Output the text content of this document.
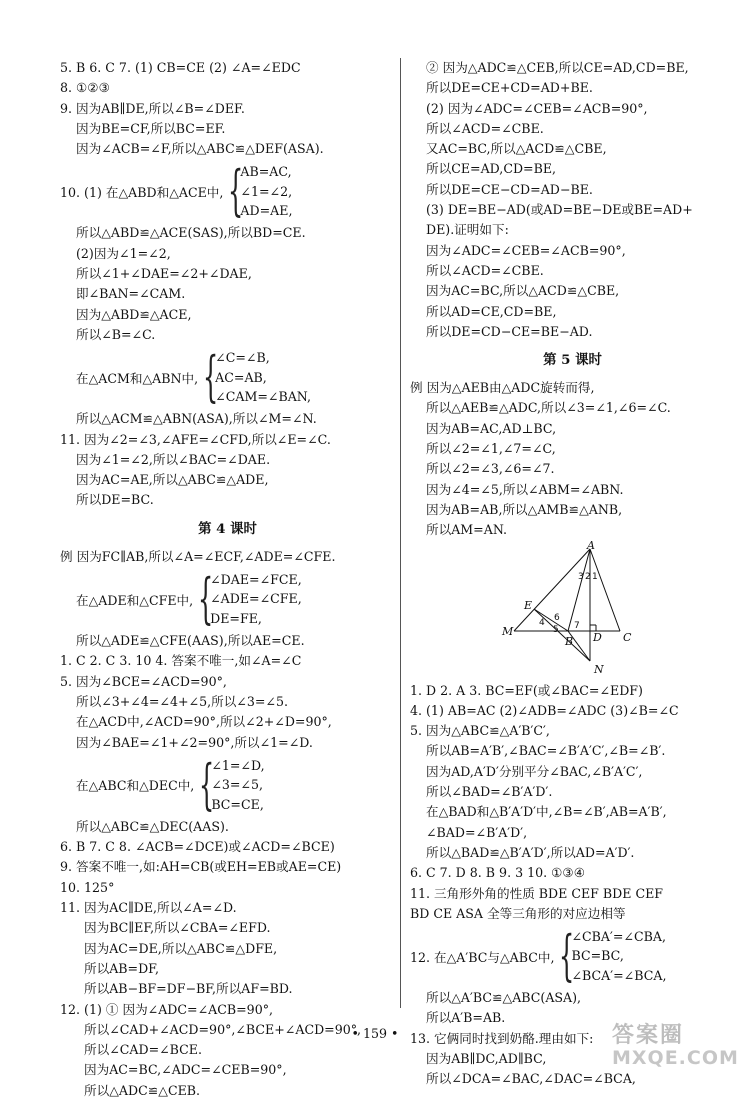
5. B 6. C 7. (1) CB=CE (2) ∠A=∠EDC
8. ①②③
9. 因为AB∥DE,所以∠B=∠DEF.
因为BE=CF,所以BC=EF.
因为∠ACB=∠F,所以△ABC≌△DEF(ASA).
10. (1) 在△ABD和△ACE中, {
AB=AC,
∠1=∠2,
AD=AE,
所以△ABD≌△ACE(SAS),所以BD=CE.
(2)因为∠1=∠2,
所以∠1+∠DAE=∠2+∠DAE,
即∠BAN=∠CAM.
因为△ABD≌△ACE,
所以∠B=∠C.
在△ACM和△ABN中, {
∠C=∠B,
AC=AB,
∠CAM=∠BAN,
所以△ACM≌△ABN(ASA),所以∠M=∠N.
11. 因为∠2=∠3,∠AFE=∠CFD,所以∠E=∠C.
因为∠1=∠2,所以∠BAC=∠DAE.
因为AC=AE,所以△ABC≌△ADE,
所以DE=BC.
第 4 课时
例 因为FC∥AB,所以∠A=∠ECF,∠ADE=∠CFE.
在△ADE和△CFE中, {
∠DAE=∠FCE,
∠ADE=∠CFE,
DE=FE,
所以△ADE≌△CFE(AAS),所以AE=CE.
1. C 2. C 3. 10 4. 答案不唯一,如∠A=∠C
5. 因为∠BCE=∠ACD=90°,
所以∠3+∠4=∠4+∠5,所以∠3=∠5.
在△ACD中,∠ACD=90°,所以∠2+∠D=90°,
因为∠BAE=∠1+∠2=90°,所以∠1=∠D.
在△ABC和△DEC中, {
∠1=∠D,
∠3=∠5,
BC=CE,
所以△ABC≌△DEC(AAS).
6. B 7. C 8. ∠ACB=∠DCE)或∠ACD=∠BCE)
9. 答案不唯一,如:AH=CB(或EH=EB或AE=CE)
10. 125°
11. 因为AC∥DE,所以∠A=∠D.
因为BC∥EF,所以∠CBA=∠EFD.
因为AC=DE,所以△ABC≌△DFE,
所以AB=DF,
所以AB−BF=DF−BF,所以AF=BD.
12. (1) ① 因为∠ADC=∠ACB=90°,
所以∠CAD+∠ACD=90°,∠BCE+∠ACD=90°,
所以∠CAD=∠BCE.
因为AC=BC,∠ADC=∠CEB=90°,
所以△ADC≌△CEB.
② 因为△ADC≌△CEB,所以CE=AD,CD=BE,
所以DE=CE+CD=AD+BE.
(2) 因为∠ADC=∠CEB=∠ACB=90°,
所以∠ACD=∠CBE.
又AC=BC,所以△ACD≌△CBE,
所以CE=AD,CD=BE,
所以DE=CE−CD=AD−BE.
(3) DE=BE−AD(或AD=BE−DE或BE=AD+
DE).证明如下:
因为∠ADC=∠CEB=∠ACB=90°,
所以∠ACD=∠CBE.
因为AC=BC,所以△ACD≌△CBE,
所以AD=CE,CD=BE,
所以DE=CD−CE=BE−AD.
第 5 课时
例 因为△AEB由△ADC旋转而得,
所以△AEB≌△ADC,所以∠3=∠1,∠6=∠C.
因为AB=AC,AD⊥BC,
所以∠2=∠1,∠7=∠C,
所以∠2=∠3,∠6=∠7.
因为∠4=∠5,所以∠ABM=∠ABN.
因为AB=AB,所以△AMB≌△ANB,
所以AM=AN.
A
E
M
B D C
N
1
2
3
4
5
6
7
1. D 2. A 3. BC=EF(或∠BAC=∠EDF)
4. (1) AB=AC (2)∠ADB=∠ADC (3)∠B=∠C
5. 因为△ABC≌△A′B′C′,
所以AB=A′B′,∠BAC=∠B′A′C′,∠B=∠B′.
因为AD,A′D′分别平分∠BAC,∠B′A′C′,
所以∠BAD=∠B′A′D′.
在△BAD和△B′A′D′中,∠B=∠B′,AB=A′B′,
∠BAD=∠B′A′D′,
所以△BAD≌△B′A′D′,所以AD=A′D′.
6. C 7. D 8. B 9. 3 10. ①③④
11. 三角形外角的性质 BDE CEF BDE CEF
BD CE ASA 全等三角形的对应边相等
12. 在△A′BC与△ABC中, {
∠CBA′=∠CBA,
BC=BC,
∠BCA′=∠BCA,
所以△A′BC≌△ABC(ASA),
所以A′B=AB.
13. 它俩同时找到奶酪.理由如下:
因为AB∥DC,AD∥BC,
所以∠DCA=∠BAC,∠DAC=∠BCA,
• 159 •	答案圈
MXQE.COM
